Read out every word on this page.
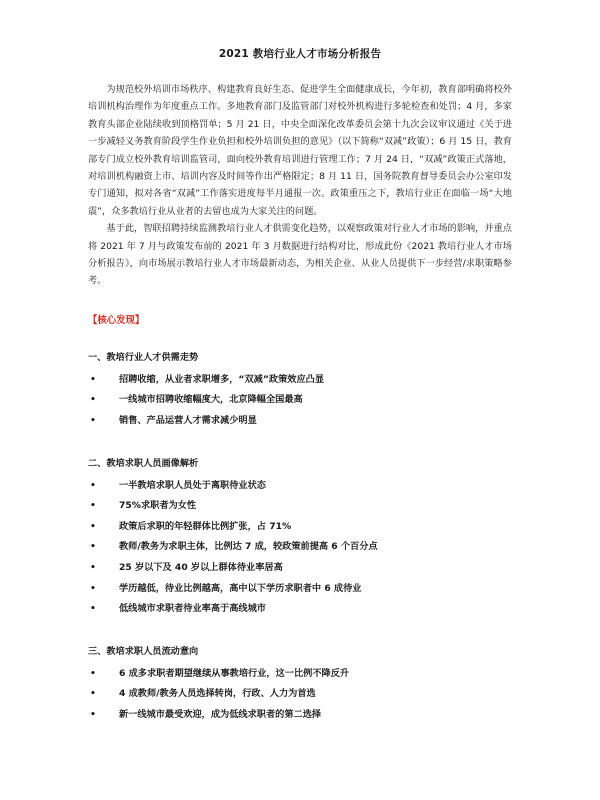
2021 教培行业人才市场分析报告

为规范校外培训市场秩序、构建教育良好生态、促进学生全面健康成长，今年初，教育部明确将校外培训机构治理作为年度重点工作。多地教育部门及监管部门对校外机构进行多轮检查和处罚；4 月，多家教育头部企业陆续收到顶格罚单；5 月 21 日，中央全面深化改革委员会第十九次会议审议通过《关于进一步减轻义务教育阶段学生作业负担和校外培训负担的意见》（以下简称“双减”政策）；6 月 15 日，教育部专门成立校外教育培训监管司，面向校外教育培训进行管理工作；7 月 24 日，“双减”政策正式落地，对培训机构融资上市、培训内容及时间等作出严格限定；8 月 11 日，国务院教育督导委员会办公室印发专门通知，拟对各省“双减”工作落实进度每半月通报一次。政策重压之下，教培行业正在面临一场“大地震”，众多教培行业从业者的去留也成为大家关注的问题。

基于此，智联招聘持续监测教培行业人才供需变化趋势，以观察政策对行业人才市场的影响，并重点将 2021 年 7 月与政策发布前的 2021 年 3 月数据进行结构对比，形成此份《2021 教培行业人才市场分析报告》，向市场展示教培行业人才市场最新动态，为相关企业、从业人员提供下一步经营/求职策略参考。

【核心发现】
一、教培行业人才供需走势
•	招聘收缩，从业者求职增多，“双减”政策效应凸显
•	一线城市招聘收缩幅度大，北京降幅全国最高
•	销售、产品运营人才需求减少明显
二、教培求职人员画像解析
•	一半教培求职人员处于离职待业状态
•	75%求职者为女性
•	政策后求职的年轻群体比例扩张，占 71%
•	教师/教务为求职主体，比例达 7 成，较政策前提高 6 个百分点
•	25 岁以下及 40 岁以上群体待业率居高
•	学历越低，待业比例越高，高中以下学历求职者中 6 成待业
•	低线城市求职者待业率高于高线城市
三、教培求职人员流动意向
•	6 成多求职者期望继续从事教培行业，这一比例不降反升
•	4 成教师/教务人员选择转岗，行政、人力为首选
•	新一线城市最受欢迎，成为低线求职者的第二选择
